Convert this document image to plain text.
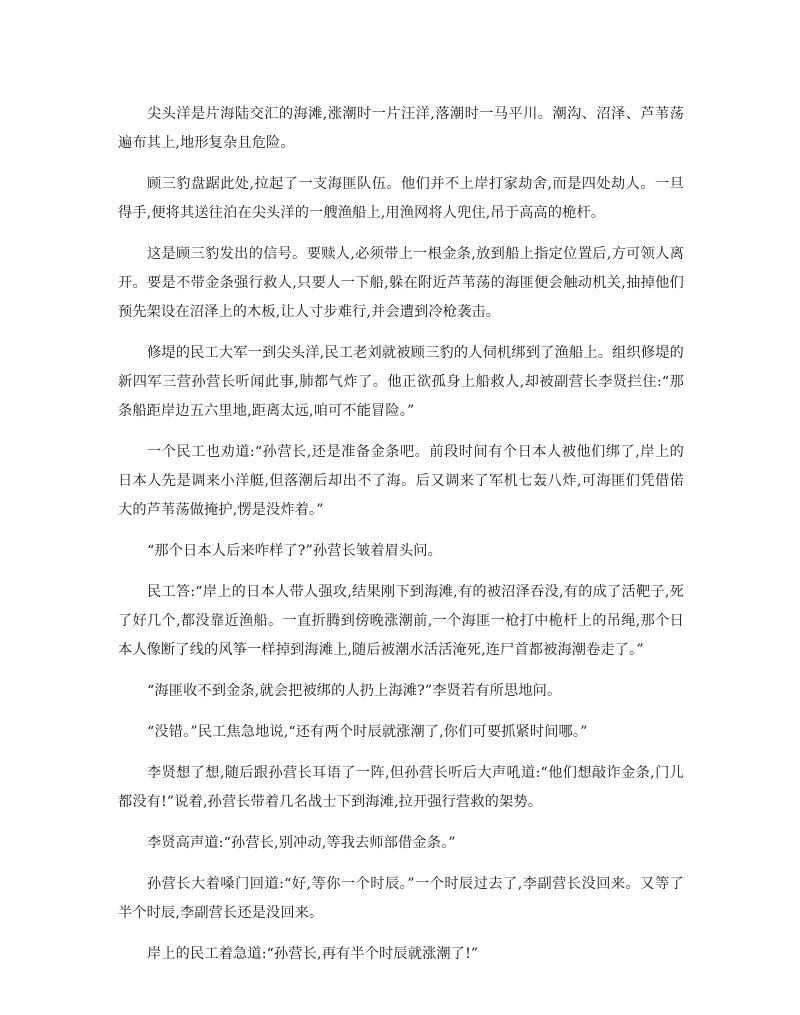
尖头洋是片海陆交汇的海滩,涨潮时一片汪洋,落潮时一马平川。潮沟、沼泽、芦苇荡遍布其上,地形复杂且危险。

顾三豹盘踞此处,拉起了一支海匪队伍。他们并不上岸打家劫舍,而是四处劫人。一旦得手,便将其送往泊在尖头洋的一艘渔船上,用渔网将人兜住,吊于高高的桅杆。

这是顾三豹发出的信号。要赎人,必须带上一根金条,放到船上指定位置后,方可领人离开。要是不带金条强行救人,只要人一下船,躲在附近芦苇荡的海匪便会触动机关,抽掉他们预先架设在沼泽上的木板,让人寸步难行,并会遭到冷枪袭击。

修堤的民工大军一到尖头洋,民工老刘就被顾三豹的人伺机绑到了渔船上。组织修堤的新四军三营孙营长听闻此事,肺都气炸了。他正欲孤身上船救人,却被副营长李贤拦住:“那条船距岸边五六里地,距离太远,咱可不能冒险。”

一个民工也劝道:“孙营长,还是准备金条吧。前段时间有个日本人被他们绑了,岸上的日本人先是调来小洋艇,但落潮后却出不了海。后又调来了军机七轰八炸,可海匪们凭借偌大的芦苇荡做掩护,愣是没炸着。”

“那个日本人后来咋样了?”孙营长皱着眉头问。

民工答:“岸上的日本人带人强攻,结果刚下到海滩,有的被沼泽吞没,有的成了活靶子,死了好几个,都没靠近渔船。一直折腾到傍晚涨潮前,一个海匪一枪打中桅杆上的吊绳,那个日本人像断了线的风筝一样掉到海滩上,随后被潮水活活淹死,连尸首都被海潮卷走了。”

“海匪收不到金条,就会把被绑的人扔上海滩?”李贤若有所思地问。

“没错。”民工焦急地说,“还有两个时辰就涨潮了,你们可要抓紧时间哪。”

李贤想了想,随后跟孙营长耳语了一阵,但孙营长听后大声吼道:“他们想敲诈金条,门儿都没有!”说着,孙营长带着几名战士下到海滩,拉开强行营救的架势。

李贤高声道:“孙营长,别冲动,等我去师部借金条。”

孙营长大着嗓门回道:“好,等你一个时辰。”一个时辰过去了,李副营长没回来。又等了半个时辰,李副营长还是没回来。

岸上的民工着急道:“孙营长,再有半个时辰就涨潮了!”
